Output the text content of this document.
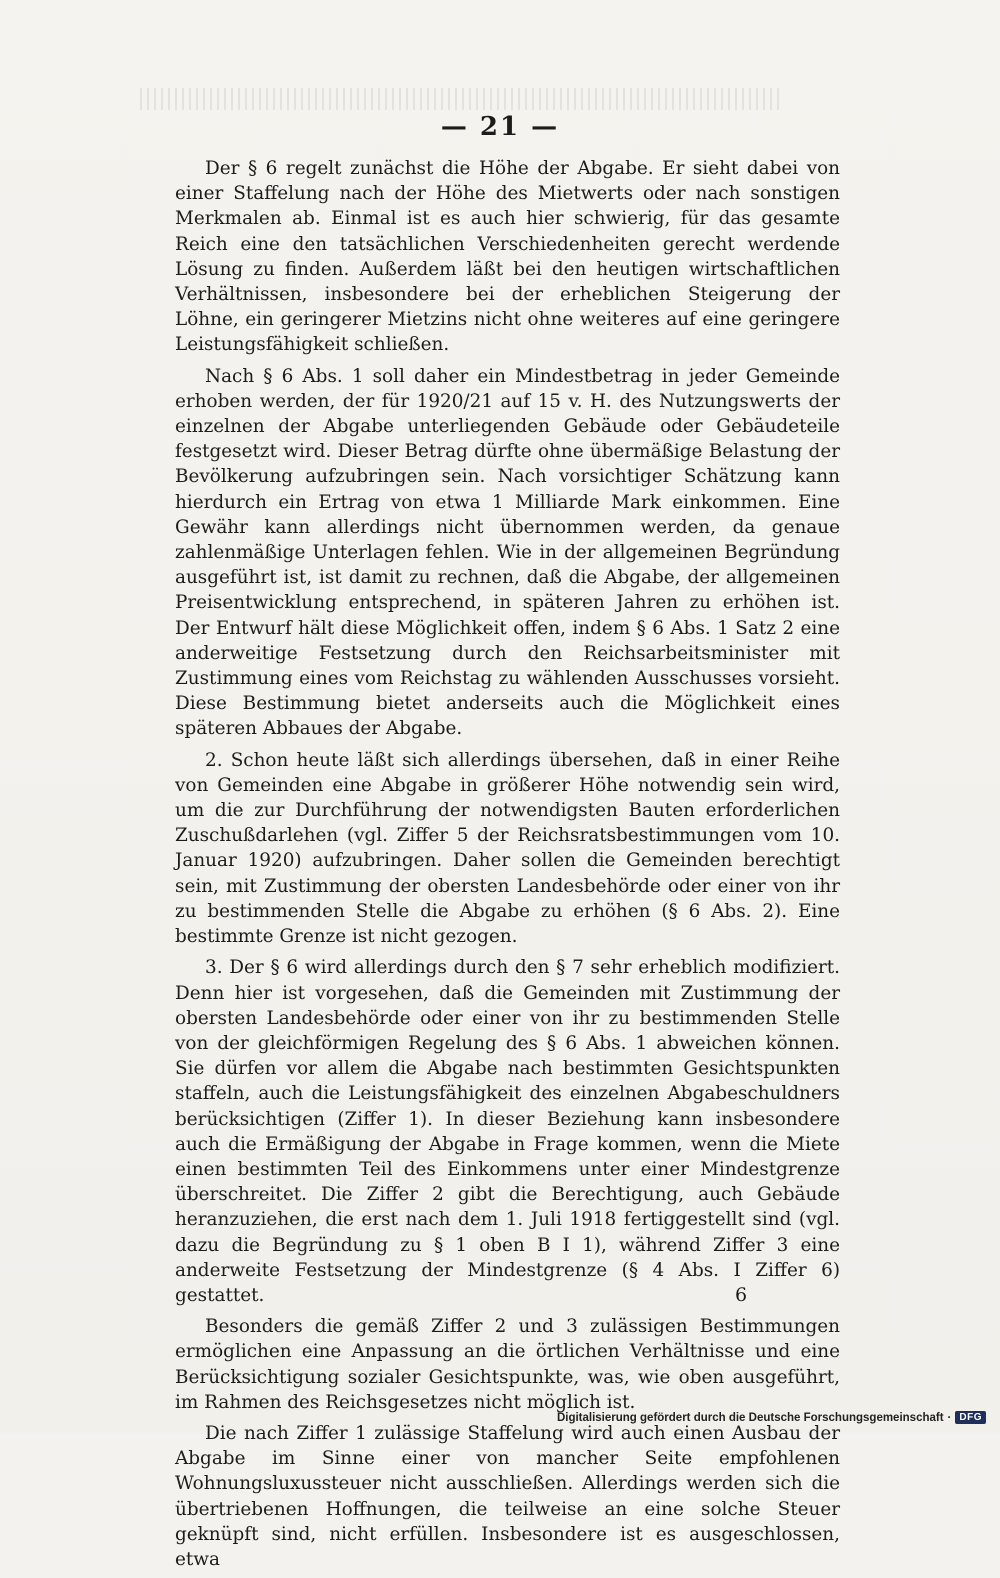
— 21 —

Der § 6 regelt zunächst die Höhe der Abgabe. Er sieht dabei von einer Staffelung nach der Höhe des Mietwerts oder nach sonstigen Merkmalen ab. Einmal ist es auch hier schwierig, für das gesamte Reich eine den tatsächlichen Verschiedenheiten gerecht werdende Lösung zu finden. Außerdem läßt bei den heutigen wirtschaftlichen Verhältnissen, insbesondere bei der erheblichen Steigerung der Löhne, ein geringerer Mietzins nicht ohne weiteres auf eine geringere Leistungsfähigkeit schließen.

Nach § 6 Abs. 1 soll daher ein Mindestbetrag in jeder Gemeinde erhoben werden, der für 1920/21 auf 15 v. H. des Nutzungswerts der einzelnen der Abgabe unterliegenden Gebäude oder Gebäudeteile festgesetzt wird. Dieser Betrag dürfte ohne übermäßige Belastung der Bevölkerung aufzubringen sein. Nach vorsichtiger Schätzung kann hierdurch ein Ertrag von etwa 1 Milliarde Mark einkommen. Eine Gewähr kann allerdings nicht übernommen werden, da genaue zahlenmäßige Unterlagen fehlen. Wie in der allgemeinen Begründung ausgeführt ist, ist damit zu rechnen, daß die Abgabe, der allgemeinen Preisentwicklung entsprechend, in späteren Jahren zu erhöhen ist. Der Entwurf hält diese Möglichkeit offen, indem § 6 Abs. 1 Satz 2 eine anderweitige Festsetzung durch den Reichsarbeitsminister mit Zustimmung eines vom Reichstag zu wählenden Ausschusses vorsieht. Diese Bestimmung bietet anderseits auch die Möglichkeit eines späteren Abbaues der Abgabe.

2. Schon heute läßt sich allerdings übersehen, daß in einer Reihe von Gemeinden eine Abgabe in größerer Höhe notwendig sein wird, um die zur Durchführung der notwendigsten Bauten erforderlichen Zuschußdarlehen (vgl. Ziffer 5 der Reichsratsbestimmungen vom 10. Januar 1920) aufzubringen. Daher sollen die Gemeinden berechtigt sein, mit Zustimmung der obersten Landesbehörde oder einer von ihr zu bestimmenden Stelle die Abgabe zu erhöhen (§ 6 Abs. 2). Eine bestimmte Grenze ist nicht gezogen.

3. Der § 6 wird allerdings durch den § 7 sehr erheblich modifiziert. Denn hier ist vorgesehen, daß die Gemeinden mit Zustimmung der obersten Landesbehörde oder einer von ihr zu bestimmenden Stelle von der gleichförmigen Regelung des § 6 Abs. 1 abweichen können. Sie dürfen vor allem die Abgabe nach bestimmten Gesichtspunkten staffeln, auch die Leistungsfähigkeit des einzelnen Abgabeschuldners berücksichtigen (Ziffer 1). In dieser Beziehung kann insbesondere auch die Ermäßigung der Abgabe in Frage kommen, wenn die Miete einen bestimmten Teil des Einkommens unter einer Mindestgrenze überschreitet. Die Ziffer 2 gibt die Berechtigung, auch Gebäude heranzuziehen, die erst nach dem 1. Juli 1918 fertiggestellt sind (vgl. dazu die Begründung zu § 1 oben B I 1), während Ziffer 3 eine anderweite Festsetzung der Mindestgrenze (§ 4 Abs. I Ziffer 6) gestattet.

Besonders die gemäß Ziffer 2 und 3 zulässigen Bestimmungen ermöglichen eine Anpassung an die örtlichen Verhältnisse und eine Berücksichtigung sozialer Gesichtspunkte, was, wie oben ausgeführt, im Rahmen des Reichsgesetzes nicht möglich ist.

Die nach Ziffer 1 zulässige Staffelung wird auch einen Ausbau der Abgabe im Sinne einer von mancher Seite empfohlenen Wohnungsluxussteuer nicht ausschließen. Allerdings werden sich die übertriebenen Hoffnungen, die teilweise an eine solche Steuer geknüpft sind, nicht erfüllen. Insbesondere ist es ausgeschlossen, etwa

6
Digitalisierung gefördert durch die Deutsche Forschungsgemeinschaft · DFG
